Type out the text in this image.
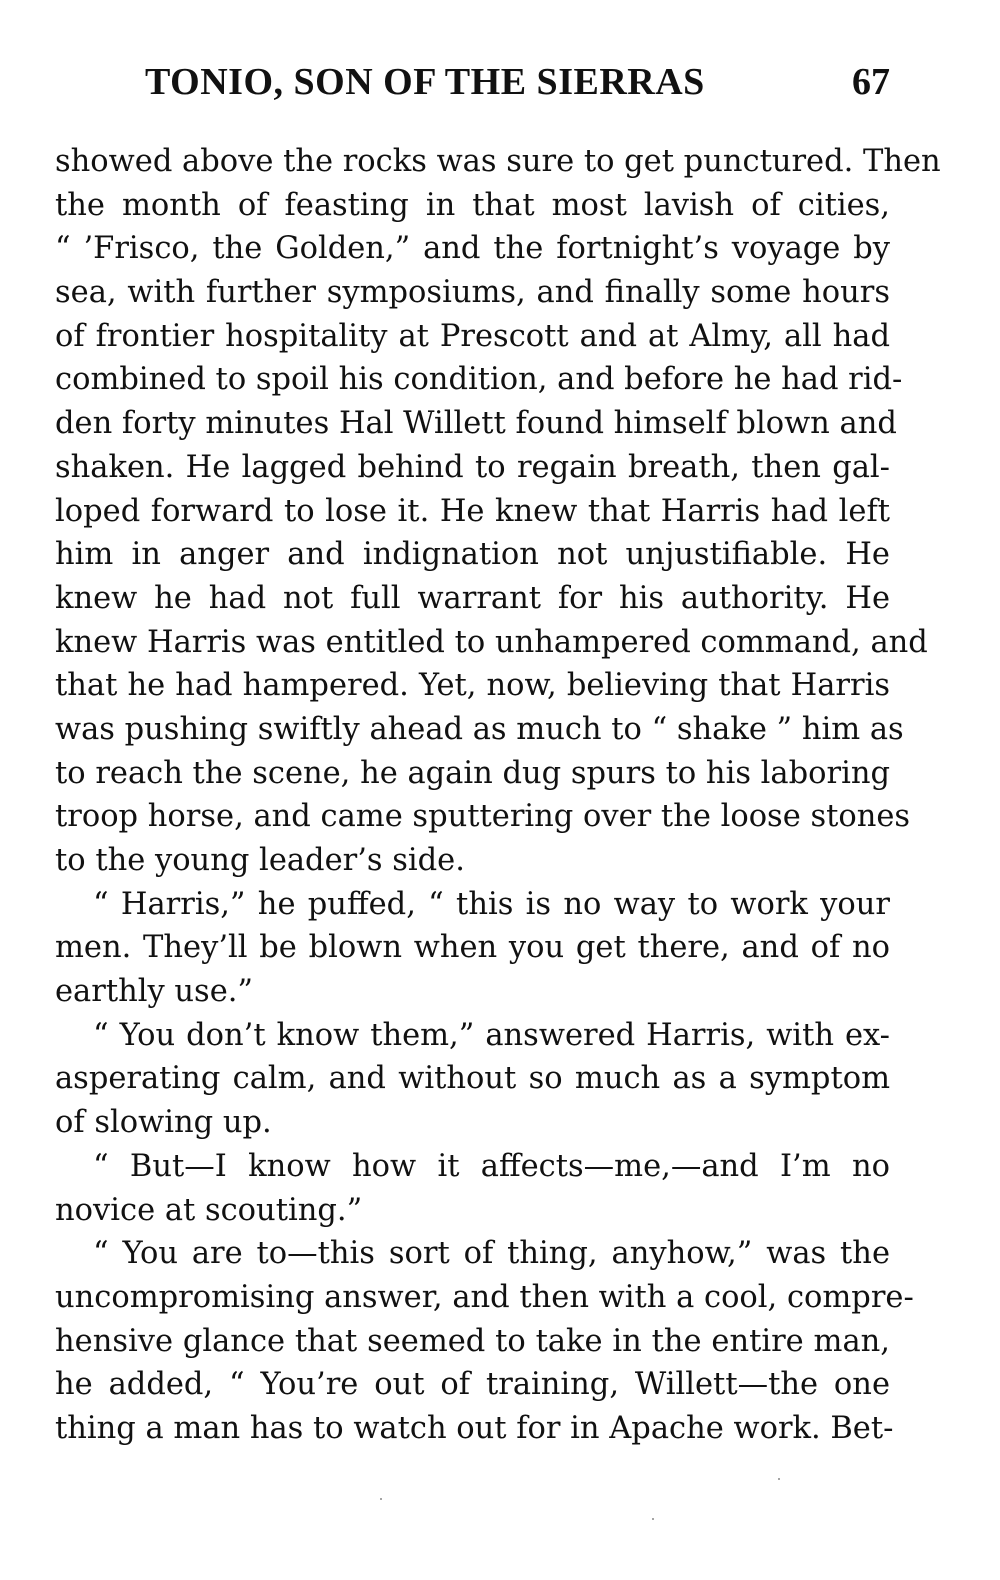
TONIO, SON OF THE SIERRAS	67
showed above the rocks was sure to get punctured. Then
the month of feasting in that most lavish of cities,
“ ’Frisco, the Golden,” and the fortnight’s voyage by
sea, with further symposiums, and finally some hours
of frontier hospitality at Prescott and at Almy, all had
combined to spoil his condition, and before he had rid-
den forty minutes Hal Willett found himself blown and
shaken. He lagged behind to regain breath, then gal-
loped forward to lose it. He knew that Harris had left
him in anger and indignation not unjustifiable. He
knew he had not full warrant for his authority. He
knew Harris was entitled to unhampered command, and
that he had hampered. Yet, now, believing that Harris
was pushing swiftly ahead as much to “ shake ” him as
to reach the scene, he again dug spurs to his laboring
troop horse, and came sputtering over the loose stones
to the young leader’s side.
“ Harris,” he puffed, “ this is no way to work your
men. They’ll be blown when you get there, and of no
earthly use.”
“ You don’t know them,” answered Harris, with ex-
asperating calm, and without so much as a symptom
of slowing up.
“ But—I know how it affects—me,—and I’m no
novice at scouting.”
“ You are to—this sort of thing, anyhow,” was the
uncompromising answer, and then with a cool, compre-
hensive glance that seemed to take in the entire man,
he added, “ You’re out of training, Willett—the one
thing a man has to watch out for in Apache work. Bet-
